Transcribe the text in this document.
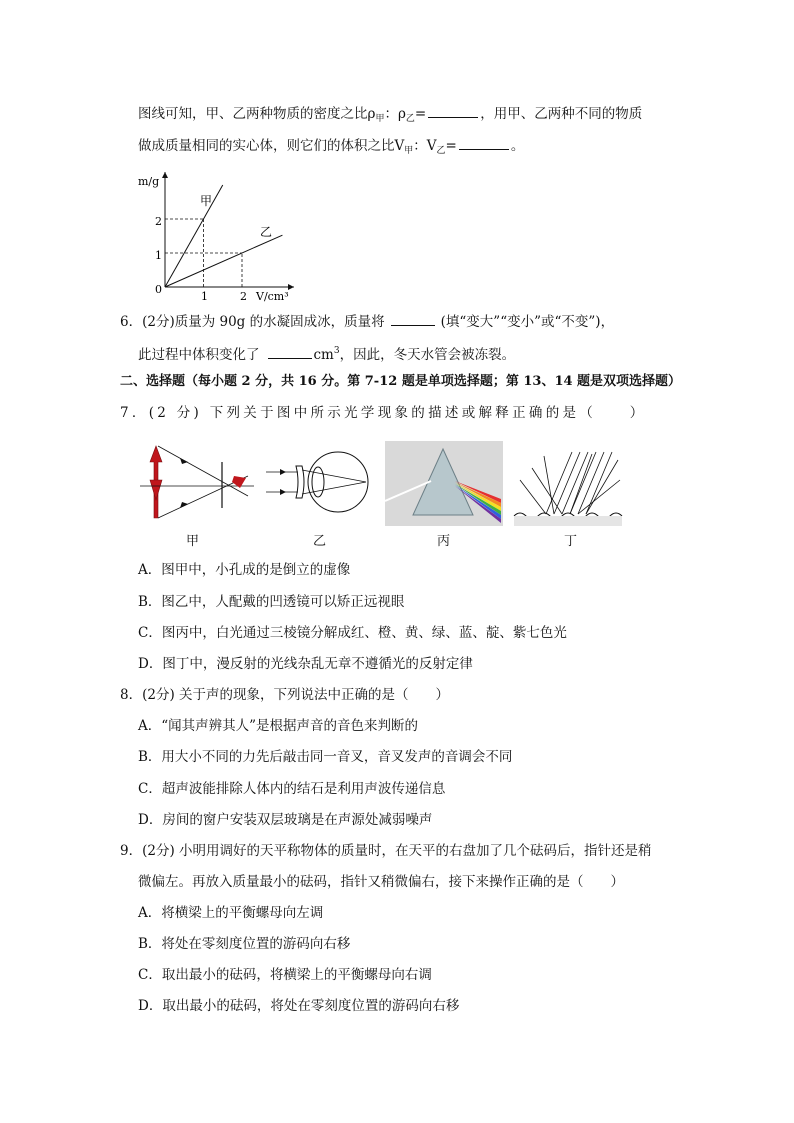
图线可知，甲、乙两种物质的密度之比$\rho_甲$：$\rho_乙=$	，用甲、乙两种不同的物质
做成质量相同的实心体，则它们的体积之比$V_甲$：$V_乙=$	。
m/g
V/cm³
0
1
2
1	2
甲
乙
6．(2分)质量为 90g 的水凝固成冰，质量将	(填“变大”“变小”或“不变”)，
此过程中体积变化了	$cm^3$，因此，冬天水管会被冻裂。
二、选择题（每小题 2 分，共 16 分。第 7-12 题是单项选择题；第 13、14 题是双项选择题）
7．(2 分) 下列关于图中所示光学现象的描述或解释正确的是（　　）
甲	乙	丙	丁
A．图甲中，小孔成的是倒立的虚像
B．图乙中，人配戴的凹透镜可以矫正远视眼
C．图丙中，白光通过三棱镜分解成红、橙、黄、绿、蓝、靛、紫七色光
D．图丁中，漫反射的光线杂乱无章不遵循光的反射定律
8．(2分) 关于声的现象，下列说法中正确的是（　　）
A．“闻其声辨其人”是根据声音的音色来判断的
B．用大小不同的力先后敲击同一音叉，音叉发声的音调会不同
C．超声波能排除人体内的结石是利用声波传递信息
D．房间的窗户安装双层玻璃是在声源处减弱噪声
9．(2分) 小明用调好的天平称物体的质量时，在天平的右盘加了几个砝码后，指针还是稍
微偏左。再放入质量最小的砝码，指针又稍微偏右，接下来操作正确的是（　　）
A．将横梁上的平衡螺母向左调
B．将处在零刻度位置的游码向右移
C．取出最小的砝码，将横梁上的平衡螺母向右调
D．取出最小的砝码，将处在零刻度位置的游码向右移
